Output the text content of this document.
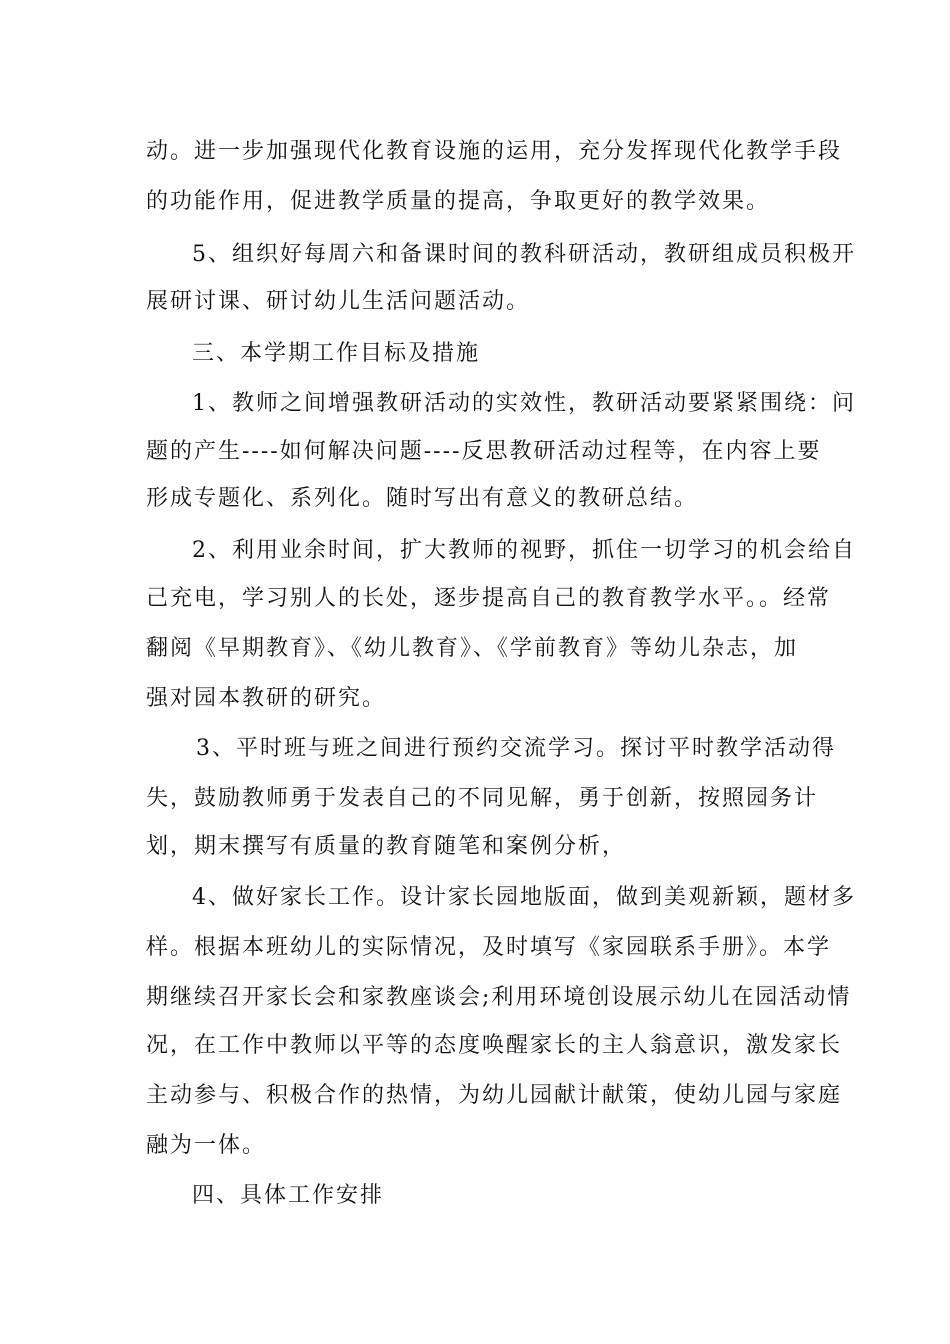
动。进一步加强现代化教育设施的运用，充分发挥现代化教学手段
的功能作用，促进教学质量的提高，争取更好的教学效果。
5、组织好每周六和备课时间的教科研活动，教研组成员积极开
展研讨课、研讨幼儿生活问题活动。
三、本学期工作目标及措施
1、教师之间增强教研活动的实效性，教研活动要紧紧围绕：问
题的产生----如何解决问题----反思教研活动过程等，在内容上要
形成专题化、系列化。随时写出有意义的教研总结。
2、利用业余时间，扩大教师的视野，抓住一切学习的机会给自
己充电，学习别人的长处，逐步提高自己的教育教学水平。。经常
翻阅《早期教育》、《幼儿教育》、《学前教育》等幼儿杂志，加
强对园本教研的研究。
3、平时班与班之间进行预约交流学习。探讨平时教学活动得
失，鼓励教师勇于发表自己的不同见解，勇于创新，按照园务计
划，期末撰写有质量的教育随笔和案例分析，
4、做好家长工作。设计家长园地版面，做到美观新颖，题材多
样。根据本班幼儿的实际情况，及时填写《家园联系手册》。本学
期继续召开家长会和家教座谈会;利用环境创设展示幼儿在园活动情
况，在工作中教师以平等的态度唤醒家长的主人翁意识，激发家长
主动参与、积极合作的热情，为幼儿园献计献策，使幼儿园与家庭
融为一体。
四、具体工作安排
